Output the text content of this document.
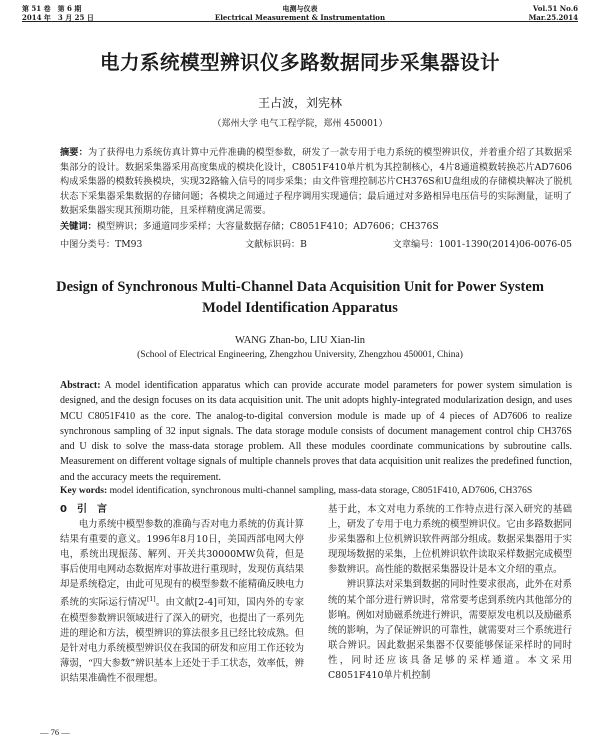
第 51 卷　第 6 期
2014 年　3 月 25 日
电测与仪表
Electrical Measurement & Instrumentation
Vol.51 No.6
Mar.25.2014
电力系统模型辨识仪多路数据同步采集器设计
王占波，刘宪林
（郑州大学 电气工程学院，郑州 450001）
摘要：为了获得电力系统仿真计算中元件准确的模型参数，研发了一款专用于电力系统的模型辨识仪，并着重介绍了其数据采集部分的设计。数据采集器采用高度集成的模块化设计，C8051F410单片机为其控制核心，4片8通道模数转换芯片AD7606构成采集器的模数转换模块，实现32路输入信号的同步采集；由文件管理控制芯片CH376S和U盘组成的存储模块解决了脱机状态下采集器采集数据的存储问题；各模块之间通过子程序调用实现通信；最后通过对多路相异电压信号的实际测量，证明了数据采集器实现其预期功能，且采样精度满足需要。
关键词：模型辨识；多通道同步采样；大容量数据存储；C8051F410；AD7606；CH376S
中图分类号：TM93	文献标识码：B	文章编号：1001-1390(2014)06-0076-05
Design of Synchronous Multi-Channel Data Acquisition Unit for Power System
Model Identification Apparatus
WANG Zhan-bo, LIU Xian-lin
(School of Electrical Engineering, Zhengzhou University, Zhengzhou 450001, China)
Abstract: A model identification apparatus which can provide accurate model parameters for power system simulation is designed, and the design focuses on its data acquisition unit. The unit adopts highly-integrated modularization design, and uses MCU C8051F410 as the core. The analog-to-digital conversion module is made up of 4 pieces of AD7606 to realize synchronous sampling of 32 input signals. The data storage module consists of document management control chip CH376S and U disk to solve the mass-data storage problem. All these modules coordinate communications by subroutine calls. Measurement on different voltage signals of multiple channels proves that data acquisition unit realizes the predefined function, and the accuracy meets the requirement.
Key words: model identification, synchronous multi-channel sampling, mass-data storage, C8051F410, AD7606, CH376S
0　引　言

电力系统中模型参数的准确与否对电力系统的仿真计算结果有重要的意义。1996年8月10日，美国西部电网大停电，系统出现振荡、解列、开关共30000MW负荷，但是事后使用电网动态数据库对事故进行重现时，发现仿真结果却是系统稳定，由此可见现有的模型参数不能精确反映电力系统的实际运行情况[1]。由文献[2-4]可知，国内外的专家在模型参数辨识领域进行了深入的研究，也提出了一系列先进的理论和方法，模型辨识的算法很多且已经比较成熟。但是针对电力系统模型辨识仪在我国的研发和应用工作还较为薄弱，“四大参数”辨识基本上还处于手工状态，效率低，辨识结果准确性不很理想。

基于此，本文对电力系统的工作特点进行深入研究的基础上，研发了专用于电力系统的模型辨识仪。它由多路数据同步采集器和上位机辨识软件两部分组成。数据采集器用于实现现场数据的采集，上位机辨识软件读取采样数据完成模型参数辨识。高性能的数据采集器设计是本文介绍的重点。

辨识算法对采集到数据的同时性要求很高，此外在对系统的某个部分进行辨识时，常常要考虑到系统内其他部分的影响。例如对励磁系统进行辨识，需要原发电机以及励磁系统的影响，为了保证辨识的可靠性，就需要对三个系统进行联合辨识。因此数据采集器不仅要能够保证采样时的同时性，同时还应该具备足够的采样通道。本文采用C8051F410单片机控制

— 76 —
